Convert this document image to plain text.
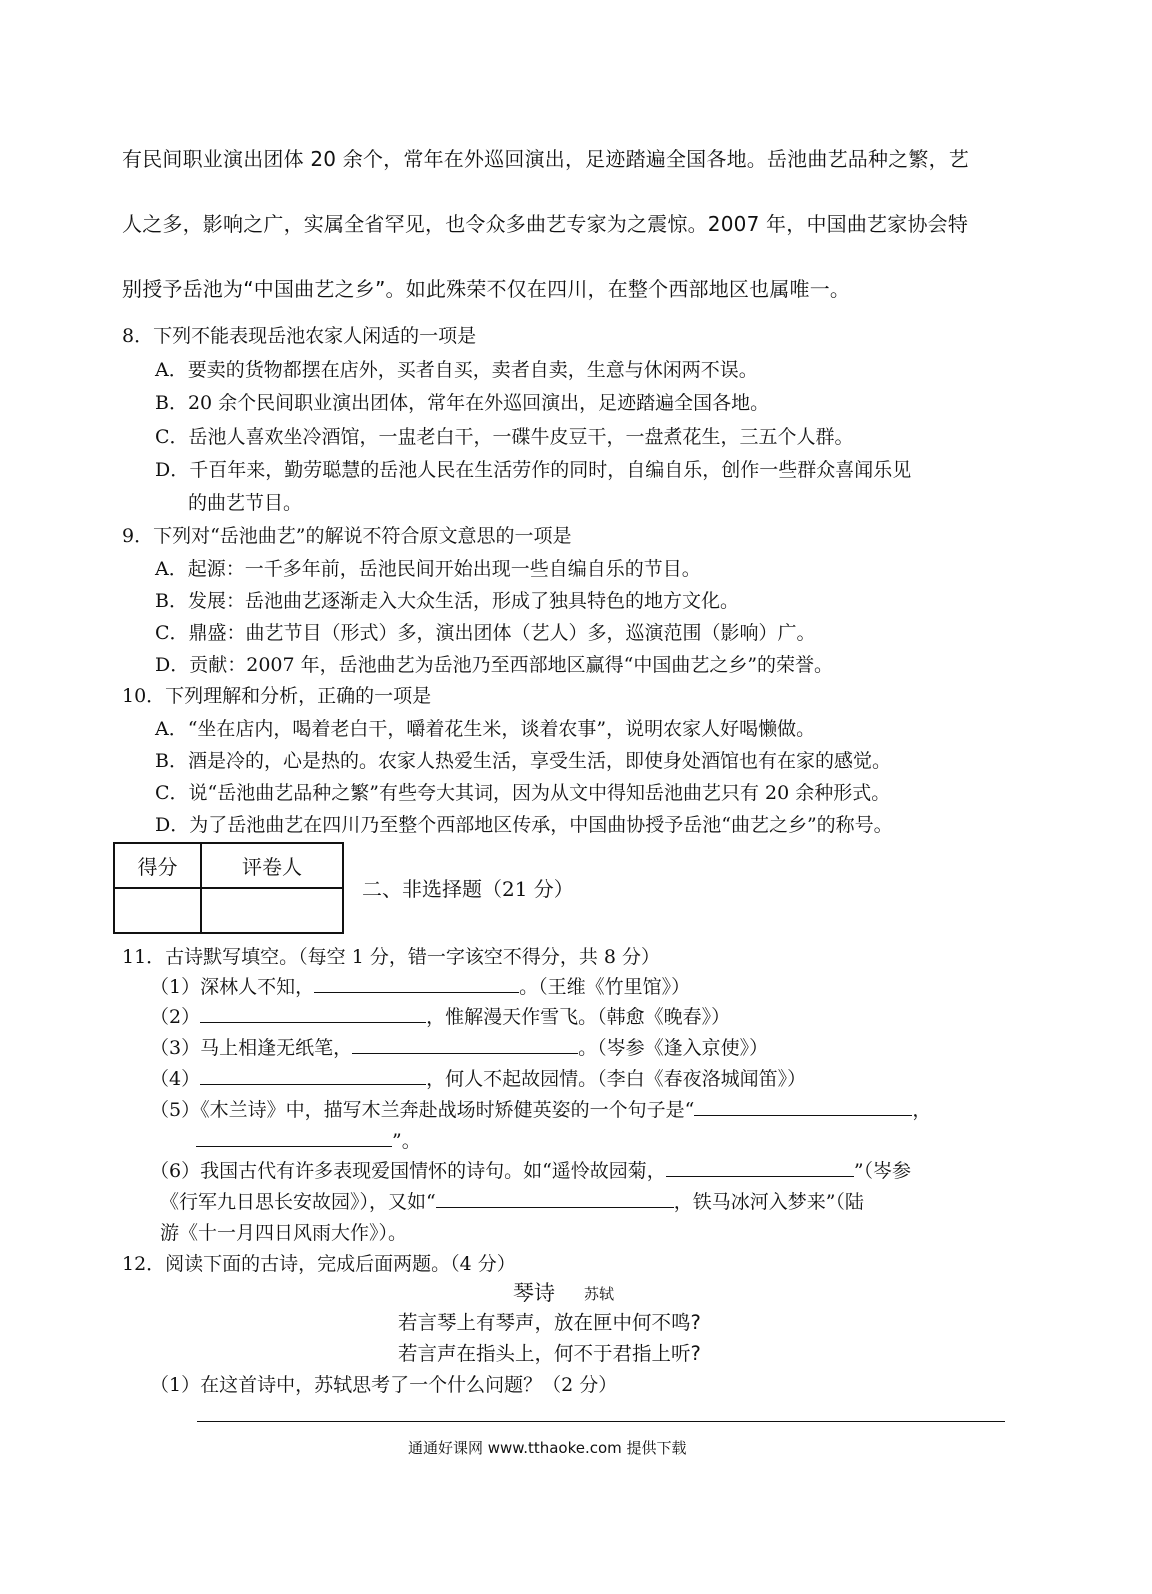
有民间职业演出团体 20 余个，常年在外巡回演出，足迹踏遍全国各地。岳池曲艺品种之繁，艺
人之多，影响之广，实属全省罕见，也令众多曲艺专家为之震惊。2007 年，中国曲艺家协会特
别授予岳池为“中国曲艺之乡”。如此殊荣不仅在四川，在整个西部地区也属唯一。
8．下列不能表现岳池农家人闲适的一项是
A．要卖的货物都摆在店外，买者自买，卖者自卖，生意与休闲两不误。
B．20 余个民间职业演出团体，常年在外巡回演出，足迹踏遍全国各地。
C．岳池人喜欢坐冷酒馆，一盅老白干，一碟牛皮豆干，一盘煮花生，三五个人群。
D．千百年来，勤劳聪慧的岳池人民在生活劳作的同时，自编自乐，创作一些群众喜闻乐见
的曲艺节目。
9．下列对“岳池曲艺”的解说不符合原文意思的一项是
A．起源：一千多年前，岳池民间开始出现一些自编自乐的节目。
B．发展：岳池曲艺逐渐走入大众生活，形成了独具特色的地方文化。
C．鼎盛：曲艺节目（形式）多，演出团体（艺人）多，巡演范围（影响）广。
D．贡献：2007 年，岳池曲艺为岳池乃至西部地区赢得“中国曲艺之乡”的荣誉。
10．下列理解和分析，正确的一项是
A．“坐在店内，喝着老白干，嚼着花生米，谈着农事”，说明农家人好喝懒做。
B．酒是冷的，心是热的。农家人热爱生活，享受生活，即使身处酒馆也有在家的感觉。
C．说“岳池曲艺品种之繁”有些夸大其词，因为从文中得知岳池曲艺只有 20 余种形式。
D．为了岳池曲艺在四川乃至整个西部地区传承，中国曲协授予岳池“曲艺之乡”的称号。
得分	评卷人

二、非选择题（21 分）
11．古诗默写填空。（每空 1 分，错一字该空不得分，共 8 分）
（1）深林人不知，	。（王维《竹里馆》）
（2）	，惟解漫天作雪飞。（韩愈《晚春》）
（3）马上相逢无纸笔，	。（岑参《逢入京使》）
（4）	，何人不起故园情。（李白《春夜洛城闻笛》）
（5）《木兰诗》中，描写木兰奔赴战场时矫健英姿的一个句子是“	，
”。
（6）我国古代有许多表现爱国情怀的诗句。如“遥怜故园菊，	”（岑参
《行军九日思长安故园》），又如“	，铁马冰河入梦来”（陆
游《十一月四日风雨大作》）。
12．阅读下面的古诗，完成后面两题。（4 分）
琴诗 苏轼
若言琴上有琴声，放在匣中何不鸣?
若言声在指头上，何不于君指上听?
（1）在这首诗中，苏轼思考了一个什么问题？（2 分）
通通好课网 www.tthaoke.com 提供下载
